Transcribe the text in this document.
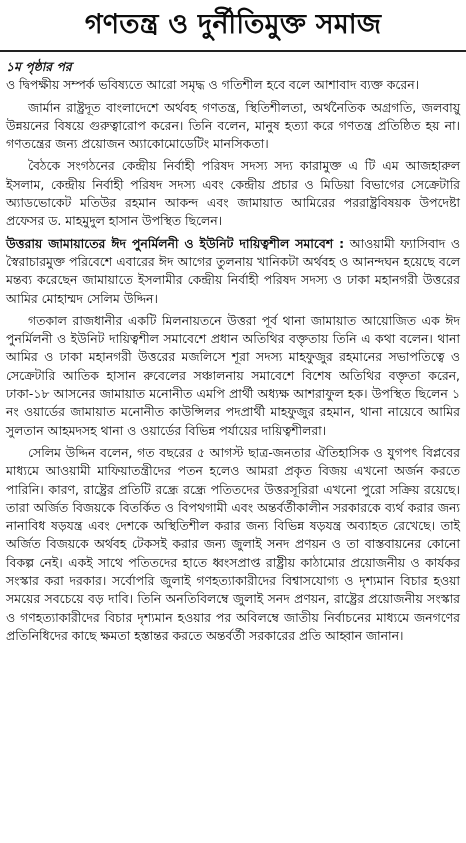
গণতন্ত্র ও দুর্নীতিমুক্ত সমাজ

১ম পৃষ্ঠার পর

ও দ্বিপক্ষীয় সম্পর্ক ভবিষ্যতে আরো সমৃদ্ধ ও গতিশীল হবে বলে আশাবাদ ব্যক্ত করেন।

জার্মান রাষ্ট্রদূত বাংলাদেশে অর্থবহ গণতন্ত্র, স্থিতিশীলতা, অর্থনৈতিক অগ্রগতি, জলবায়ু উন্নয়নের বিষয়ে গুরুত্বারোপ করেন। তিনি বলেন, মানুষ হত্যা করে গণতন্ত্র প্রতিষ্ঠিত হয় না। গণতন্ত্রের জন্য প্রয়োজন অ্যাকোমোডেটিং মানসিকতা।

বৈঠকে সংগঠনের কেন্দ্রীয় নির্বাহী পরিষদ সদস্য সদ্য কারামুক্ত এ টি এম আজহারুল ইসলাম, কেন্দ্রীয় নির্বাহী পরিষদ সদস্য এবং কেন্দ্রীয় প্রচার ও মিডিয়া বিভাগের সেক্রেটারি অ্যাডভোকেট মতিউর রহমান আকন্দ এবং জামায়াত আমিরের পররাষ্ট্রবিষয়ক উপদেষ্টা প্রফেসর ড. মাহমুদুল হাসান উপস্থিত ছিলেন।

উত্তরায় জামায়াতের ঈদ পুনর্মিলনী ও ইউনিট দায়িত্বশীল সমাবেশ : আওয়ামী ফ্যাসিবাদ ও স্বৈরাচারমুক্ত পরিবেশে এবারের ঈদ আগের তুলনায় খানিকটা অর্থবহ ও আনন্দঘন হয়েছে বলে মন্তব্য করেছেন জামায়াতে ইসলামীর কেন্দ্রীয় নির্বাহী পরিষদ সদস্য ও ঢাকা মহানগরী উত্তরের আমির মোহাম্মদ সেলিম উদ্দিন।

গতকাল রাজধানীর একটি মিলনায়তনে উত্তরা পূর্ব থানা জামায়াত আয়োজিত এক ঈদ পুনর্মিলনী ও ইউনিট দায়িত্বশীল সমাবেশে প্রধান অতিথির বক্তৃতায় তিনি এ কথা বলেন। থানা আমির ও ঢাকা মহানগরী উত্তরের মজলিসে শূরা সদস্য মাহফুজুর রহমানের সভাপতিত্বে ও সেক্রেটারি আতিক হাসান রুবেলের সঞ্চালনায় সমাবেশে বিশেষ অতিথির বক্তৃতা করেন, ঢাকা-১৮ আসনের জামায়াত মনোনীত এমপি প্রার্থী অধ্যক্ষ আশরাফুল হক। উপস্থিত ছিলেন ১ নং ওয়ার্ডের জামায়াত মনোনীত কাউন্সিলর পদপ্রার্থী মাহফুজুর রহমান, থানা নায়েবে আমির সুলতান আহমদসহ থানা ও ওয়ার্ডের বিভিন্ন পর্যায়ের দায়িত্বশীলরা।

সেলিম উদ্দিন বলেন, গত বছরের ৫ আগস্ট ছাত্র-জনতার ঐতিহাসিক ও যুগপৎ বিপ্লবের মাধ্যমে আওয়ামী মাফিয়াতন্ত্রীদের পতন হলেও আমরা প্রকৃত বিজয় এখনো অর্জন করতে পারিনি। কারণ, রাষ্ট্রের প্রতিটি রন্ধ্রে রন্ধ্রে পতিতদের উত্তরসূরিরা এখনো পুরো সক্রিয় রয়েছে। তারা অর্জিত বিজয়কে বিতর্কিত ও বিপথগামী এবং অন্তর্বর্তীকালীন সরকারকে ব্যর্থ করার জন্য নানাবিধ ষড়যন্ত্র এবং দেশকে অস্থিতিশীল করার জন্য বিভিন্ন ষড়যন্ত্র অব্যাহত রেখেছে। তাই অর্জিত বিজয়কে অর্থবহ টেকসই করার জন্য জুলাই সনদ প্রণয়ন ও তা বাস্তবায়নের কোনো বিকল্প নেই। একই সাথে পতিতদের হাতে ধ্বংসপ্রাপ্ত রাষ্ট্রীয় কাঠামোর প্রয়োজনীয় ও কার্যকর সংস্কার করা দরকার। সর্বোপরি জুলাই গণহত্যাকারীদের বিশ্বাসযোগ্য ও দৃশ্যমান বিচার হওয়া সময়ের সবচেয়ে বড় দাবি। তিনি অনতিবিলম্বে জুলাই সনদ প্রণয়ন, রাষ্ট্রের প্রয়োজনীয় সংস্কার ও গণহত্যাকারীদের বিচার দৃশ্যমান হওয়ার পর অবিলম্বে জাতীয় নির্বাচনের মাধ্যমে জনগণের প্রতিনিধিদের কাছে ক্ষমতা হস্তান্তর করতে অন্তর্বর্তী সরকারের প্রতি আহ্বান জানান।
